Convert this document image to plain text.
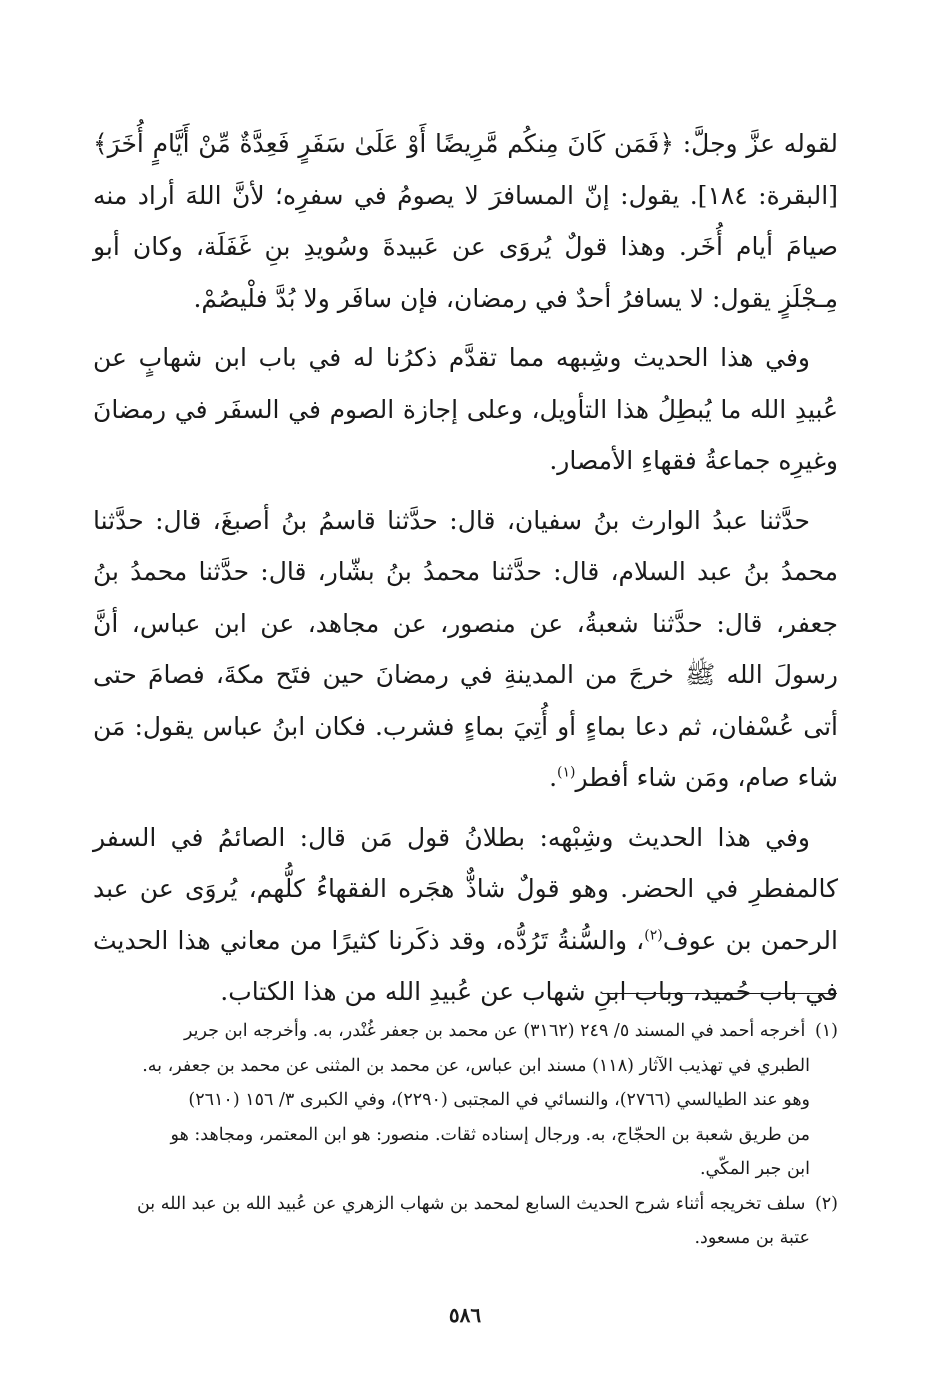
لقوله عزَّ وجلَّ: ﴿فَمَن كَانَ مِنكُم مَّرِيضًا أَوْ عَلَىٰ سَفَرٍ فَعِدَّةٌ مِّنْ أَيَّامٍ أُخَرَ﴾ [البقرة: ١٨٤]. يقول: إنّ المسافرَ لا يصومُ في سفرِه؛ لأنَّ اللهَ أراد منه صيامَ أيام أُخَر. وهذا قولٌ يُروَى عن عَبيدةَ وسُويدِ بنِ غَفَلَة، وكان أبو مِـجْلَزٍ يقول: لا يسافرُ أحدٌ في رمضان، فإن سافَر ولا بُدَّ فلْيصُمْ.

وفي هذا الحديث وشِبهه مما تقدَّم ذكرُنا له في باب ابن شهابٍ عن عُبيدِ الله ما يُبطِلُ هذا التأويل، وعلى إجازة الصوم في السفَر في رمضانَ وغيرِه جماعةُ فقهاءِ الأمصار.

حدَّثنا عبدُ الوارث بنُ سفيان، قال: حدَّثنا قاسمُ بنُ أصبغَ، قال: حدَّثنا محمدُ بنُ عبد السلام، قال: حدَّثنا محمدُ بنُ بشّار، قال: حدَّثنا محمدُ بنُ جعفر، قال: حدَّثنا شعبةُ، عن منصور، عن مجاهد، عن ابن عباس، أنَّ رسولَ الله ﷺ خرجَ من المدينةِ في رمضانَ حين فتَح مكةَ، فصامَ حتى أتى عُسْفان، ثم دعا بماءٍ أو أُتِيَ بماءٍ فشرب. فكان ابنُ عباس يقول: مَن شاء صام، ومَن شاء أفطر$^{(١)}$.

وفي هذا الحديث وشِبْهه: بطلانُ قول مَن قال: الصائمُ في السفر كالمفطرِ في الحضر. وهو قولٌ شاذٌّ هجَره الفقهاءُ كلُّهم، يُروَى عن عبد الرحمن بن عوف$^{(٢)}$، والسُّنةُ تَرُدُّه، وقد ذكَرنا كثيرًا من معاني هذا الحديث في باب حُميد، وباب ابنِ شهاب عن عُبيدِ الله من هذا الكتاب.

(١) أخرجه أحمد في المسند ٥/ ٢٤٩ (٣١٦٢) عن محمد بن جعفر غُنْدر، به. وأخرجه ابن جرير
الطبري في تهذيب الآثار (١١٨) مسند ابن عباس، عن محمد بن المثنى عن محمد بن جعفر، به.
وهو عند الطيالسي (٢٧٦٦)، والنسائي في المجتبى (٢٢٩٠)، وفي الكبرى ٣/ ١٥٦ (٢٦١٠)
من طريق شعبة بن الحجّاج، به. ورجال إسناده ثقات. منصور: هو ابن المعتمر، ومجاهد: هو
ابن جبر المكّي.
(٢) سلف تخريجه أثناء شرح الحديث السابع لمحمد بن شهاب الزهري عن عُبيد الله بن عبد الله بن
عتبة بن مسعود.
٥٨٦
